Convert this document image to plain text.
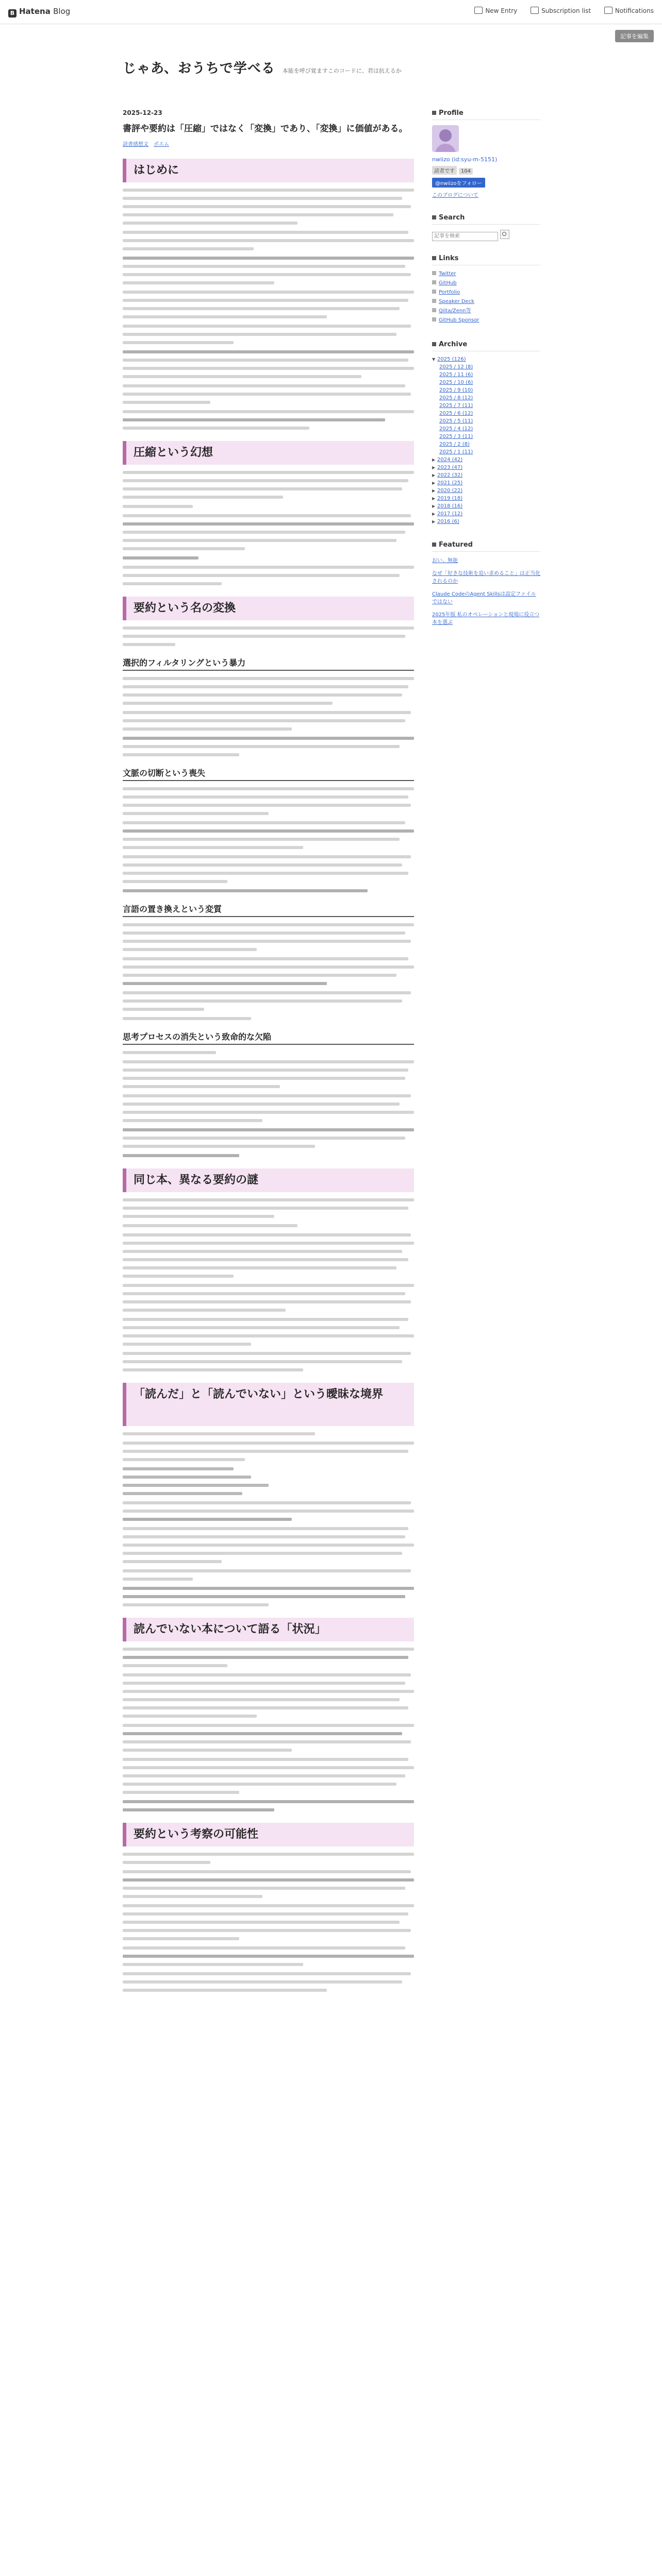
B Hatena Blog	New Entry	Subscription list	Notifications
記事を編集
じゃあ、おうちで学べる 本能を呼び覚ますこのコードに、君は抗えるか
2025-12-23
書評や要約は「圧縮」ではなく「変換」であり、「変換」に価値がある。
読書感想文 ポエム
はじめに
圧縮という幻想
要約という名の変換
選択的フィルタリングという暴力
文脈の切断という喪失
言語の置き換えという変質
思考プロセスの消失という致命的な欠陥
同じ本、異なる要約の謎
「読んだ」と「読んでいない」という曖昧な境界
読んでいない本について語る「状況」
要約という考察の可能性
Profile
nwiizo (id:syu-m-5151)
読者です 104
@nwiizoをフォロー
このブログについて
Search
記事を検索
Links
Twitter
GitHub
Portfolio
Speaker Deck
Qiita/Zenn等
GitHub Sponsor
Archive
▼ 2025 (126)
2025 / 12 (8)
2025 / 11 (6)
2025 / 10 (6)
2025 / 9 (10)
2025 / 8 (12)
2025 / 7 (11)
2025 / 6 (12)
2025 / 5 (11)
2025 / 4 (12)
2025 / 3 (11)
2025 / 2 (8)
2025 / 1 (11)
▶ 2024 (42)
▶ 2023 (47)
▶ 2022 (32)
▶ 2021 (25)
▶ 2020 (22)
▶ 2019 (18)
▶ 2018 (16)
▶ 2017 (12)
▶ 2016 (6)
Featured
おい、無能
なぜ「好きな技術を追い求めること」は正当化されるのか
Claude CodeのAgent Skillsは設定ファイルではない
2025年版 私のオペレーションと現場に役立つ本を選ぶ
